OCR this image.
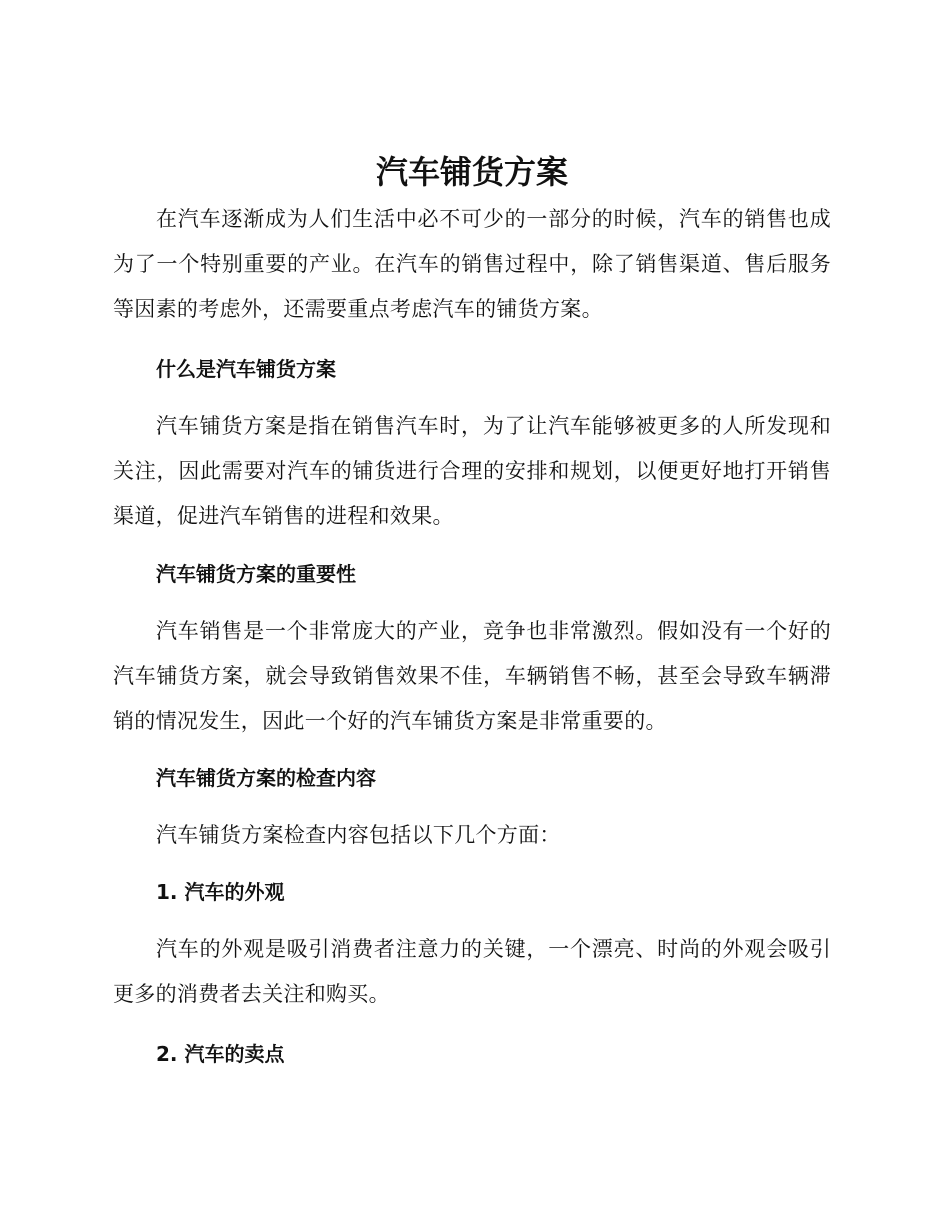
汽车铺货方案

在汽车逐渐成为人们生活中必不可少的一部分的时候，汽车的销售也成为了一个特别重要的产业。在汽车的销售过程中，除了销售渠道、售后服务等因素的考虑外，还需要重点考虑汽车的铺货方案。

什么是汽车铺货方案

汽车铺货方案是指在销售汽车时，为了让汽车能够被更多的人所发现和关注，因此需要对汽车的铺货进行合理的安排和规划，以便更好地打开销售渠道，促进汽车销售的进程和效果。

汽车铺货方案的重要性

汽车销售是一个非常庞大的产业，竞争也非常激烈。假如没有一个好的汽车铺货方案，就会导致销售效果不佳，车辆销售不畅，甚至会导致车辆滞销的情况发生，因此一个好的汽车铺货方案是非常重要的。

汽车铺货方案的检查内容

汽车铺货方案检查内容包括以下几个方面：

1. 汽车的外观

汽车的外观是吸引消费者注意力的关键，一个漂亮、时尚的外观会吸引更多的消费者去关注和购买。

2. 汽车的卖点
